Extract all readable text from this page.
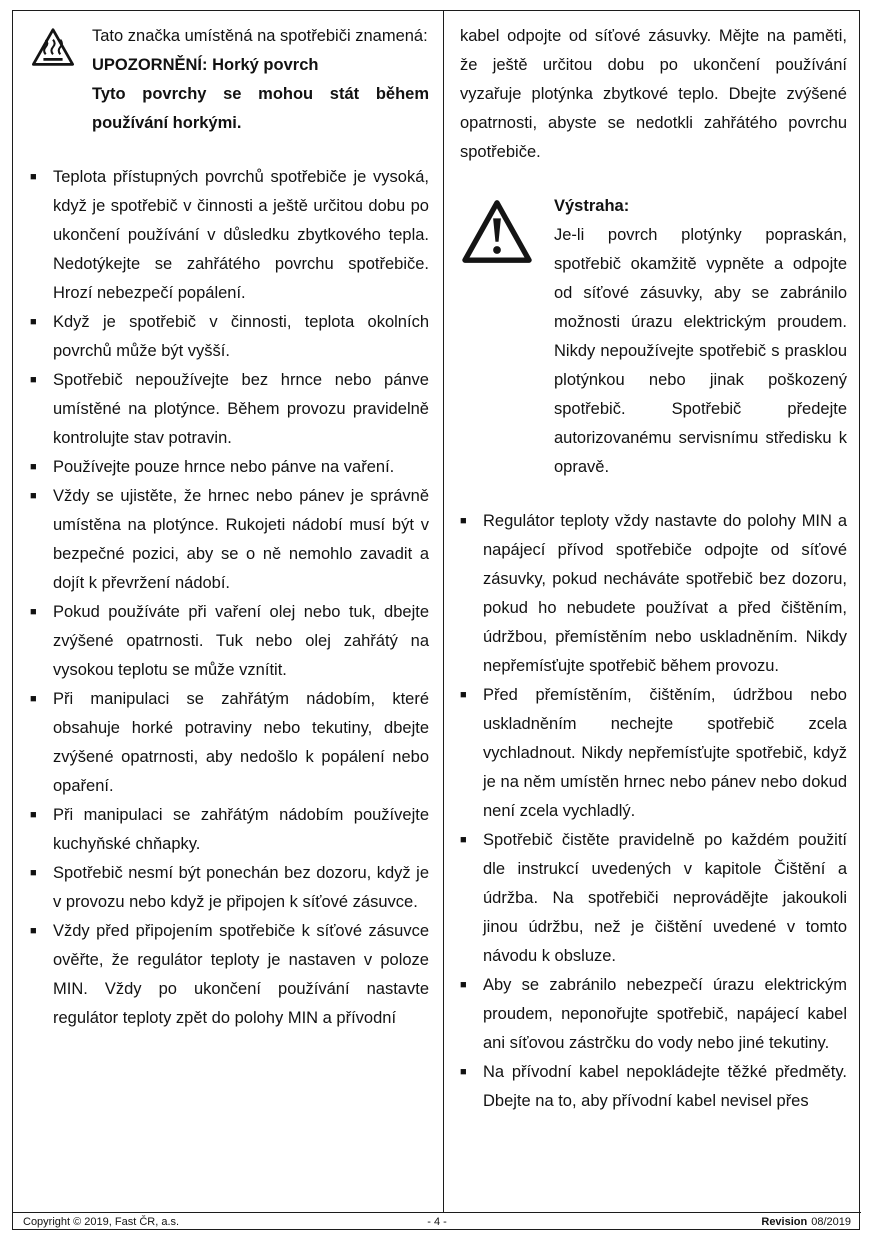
Tato značka umístěná na spotřebiči znamená:
UPOZORNĚNÍ: Horký povrch
Tyto povrchy se mohou stát během používání horkými.
■ Teplota přístupných povrchů spotřebiče je vysoká, když je spotřebič v činnosti a ještě určitou dobu po ukončení používání v důsledku zbytkového tepla. Nedotýkejte se zahřátého povrchu spotřebiče. Hrozí nebezpečí popálení.
■ Když je spotřebič v činnosti, teplota okolních povrchů může být vyšší.
■ Spotřebič nepoužívejte bez hrnce nebo pánve umístěné na plotýnce. Během provozu pravidelně kontrolujte stav potravin.
■ Používejte pouze hrnce nebo pánve na vaření.
■ Vždy se ujistěte, že hrnec nebo pánev je správně umístěna na plotýnce. Rukojeti nádobí musí být v bezpečné pozici, aby se o ně nemohlo zavadit a dojít k převržení nádobí.
■ Pokud používáte při vaření olej nebo tuk, dbejte zvýšené opatrnosti. Tuk nebo olej zahřátý na vysokou teplotu se může vznítit.
■ Při manipulaci se zahřátým nádobím, které obsahuje horké potraviny nebo tekutiny, dbejte zvýšené opatrnosti, aby nedošlo k popálení nebo opaření.
■ Při manipulaci se zahřátým nádobím používejte kuchyňské chňapky.
■ Spotřebič nesmí být ponechán bez dozoru, když je v provozu nebo když je připojen k síťové zásuvce.
■ Vždy před připojením spotřebiče k síťové zásuvce ověřte, že regulátor teploty je nastaven v poloze MIN. Vždy po ukončení používání nastavte regulátor teploty zpět do polohy MIN a přívodní
kabel odpojte od síťové zásuvky. Mějte na paměti, že ještě určitou dobu po ukončení používání vyzařuje plotýnka zbytkové teplo. Dbejte zvýšené opatrnosti, abyste se nedotkli zahřátého povrchu spotřebiče.
Výstraha:
Je-li povrch plotýnky popraskán, spotřebič okamžitě vypněte a odpojte od síťové zásuvky, aby se zabránilo možnosti úrazu elektrickým proudem. Nikdy nepoužívejte spotřebič s prasklou plotýnkou nebo jinak poškozený spotřebič. Spotřebič předejte autorizovanému servisnímu středisku k opravě.
■ Regulátor teploty vždy nastavte do polohy MIN a napájecí přívod spotřebiče odpojte od síťové zásuvky, pokud necháváte spotřebič bez dozoru, pokud ho nebudete používat a před čištěním, údržbou, přemístěním nebo uskladněním. Nikdy nepřemísťujte spotřebič během provozu.
■ Před přemístěním, čištěním, údržbou nebo uskladněním nechejte spotřebič zcela vychladnout. Nikdy nepřemísťujte spotřebič, když je na něm umístěn hrnec nebo pánev nebo dokud není zcela vychladlý.
■ Spotřebič čistěte pravidelně po každém použití dle instrukcí uvedených v kapitole Čištění a údržba. Na spotřebiči neprovádějte jakoukoli jinou údržbu, než je čištění uvedené v tomto návodu k obsluze.
■ Aby se zabránilo nebezpečí úrazu elektrickým proudem, neponořujte spotřebič, napájecí kabel ani síťovou zástrčku do vody nebo jiné tekutiny.
■ Na přívodní kabel nepokládejte těžké předměty. Dbejte na to, aby přívodní kabel nevisel přes
Copyright © 2019, Fast ČR, a.s.	- 4 -	Revision 08/2019
